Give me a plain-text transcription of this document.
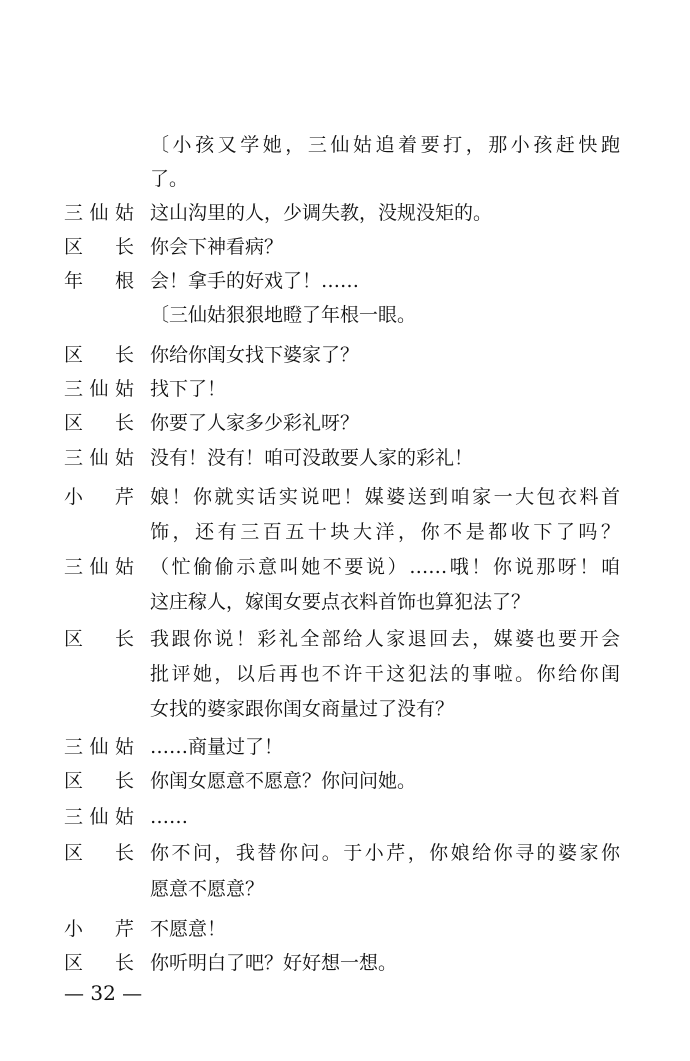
〔小孩又学她，三仙姑追着要打，那小孩赶快跑
了。
三仙姑 这山沟里的人，少调失教，没规没矩的。
区　长 你会下神看病？
年　根 会！拿手的好戏了！……
〔三仙姑狠狠地瞪了年根一眼。
区　长 你给你闺女找下婆家了？
三仙姑 找下了！
区　长 你要了人家多少彩礼呀？
三仙姑 没有！没有！咱可没敢要人家的彩礼！
小　芹 娘！你就实话实说吧！媒婆送到咱家一大包衣料首
饰，还有三百五十块大洋，你不是都收下了吗？
三仙姑 （忙偷偷示意叫她不要说）……哦！你说那呀！咱
这庄稼人，嫁闺女要点衣料首饰也算犯法了？
区　长 我跟你说！彩礼全部给人家退回去，媒婆也要开会
批评她，以后再也不许干这犯法的事啦。你给你闺
女找的婆家跟你闺女商量过了没有？
三仙姑 ……商量过了！
区　长 你闺女愿意不愿意？你问问她。
三仙姑 ……
区　长 你不问，我替你问。于小芹，你娘给你寻的婆家你
愿意不愿意？
小　芹 不愿意！
区　长 你听明白了吧？好好想一想。
— 32 —
